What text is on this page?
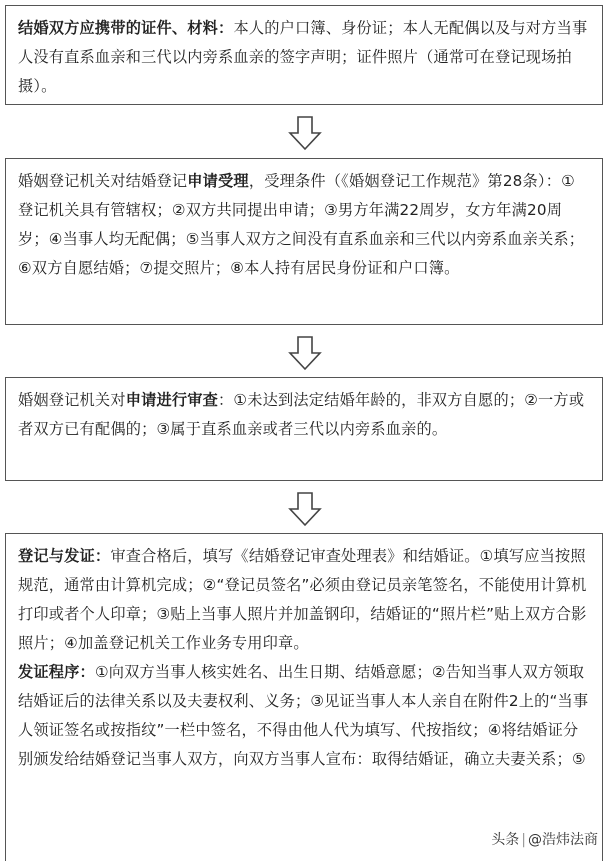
结婚双方应携带的证件、材料：本人的户口簿、身份证；本人无配偶以及与对方当事人没有直系血亲和三代以内旁系血亲的签字声明；证件照片（通常可在登记现场拍摄）。

婚姻登记机关对结婚登记申请受理，受理条件（《婚姻登记工作规范》第28条）：①登记机关具有管辖权；②双方共同提出申请；③男方年满22周岁，女方年满20周岁；④当事人均无配偶；⑤当事人双方之间没有直系血亲和三代以内旁系血亲关系；⑥双方自愿结婚；⑦提交照片；⑧本人持有居民身份证和户口簿。

婚姻登记机关对申请进行审查：①未达到法定结婚年龄的，非双方自愿的；②一方或者双方已有配偶的；③属于直系血亲或者三代以内旁系血亲的。

登记与发证：审查合格后，填写《结婚登记审查处理表》和结婚证。①填写应当按照规范，通常由计算机完成；②“登记员签名”必须由登记员亲笔签名，不能使用计算机打印或者个人印章；③贴上当事人照片并加盖钢印，结婚证的“照片栏”贴上双方合影照片；④加盖登记机关工作业务专用印章。

发证程序：①向双方当事人核实姓名、出生日期、结婚意愿；②告知当事人双方领取结婚证后的法律关系以及夫妻权利、义务；③见证当事人本人亲自在附件2上的“当事人领证签名或按指纹”一栏中签名，不得由他人代为填写、代按指纹；④将结婚证分别颁发给结婚登记当事人双方，向双方当事人宣布：取得结婚证，确立夫妻关系；⑤

头条 | @浩炜法商
